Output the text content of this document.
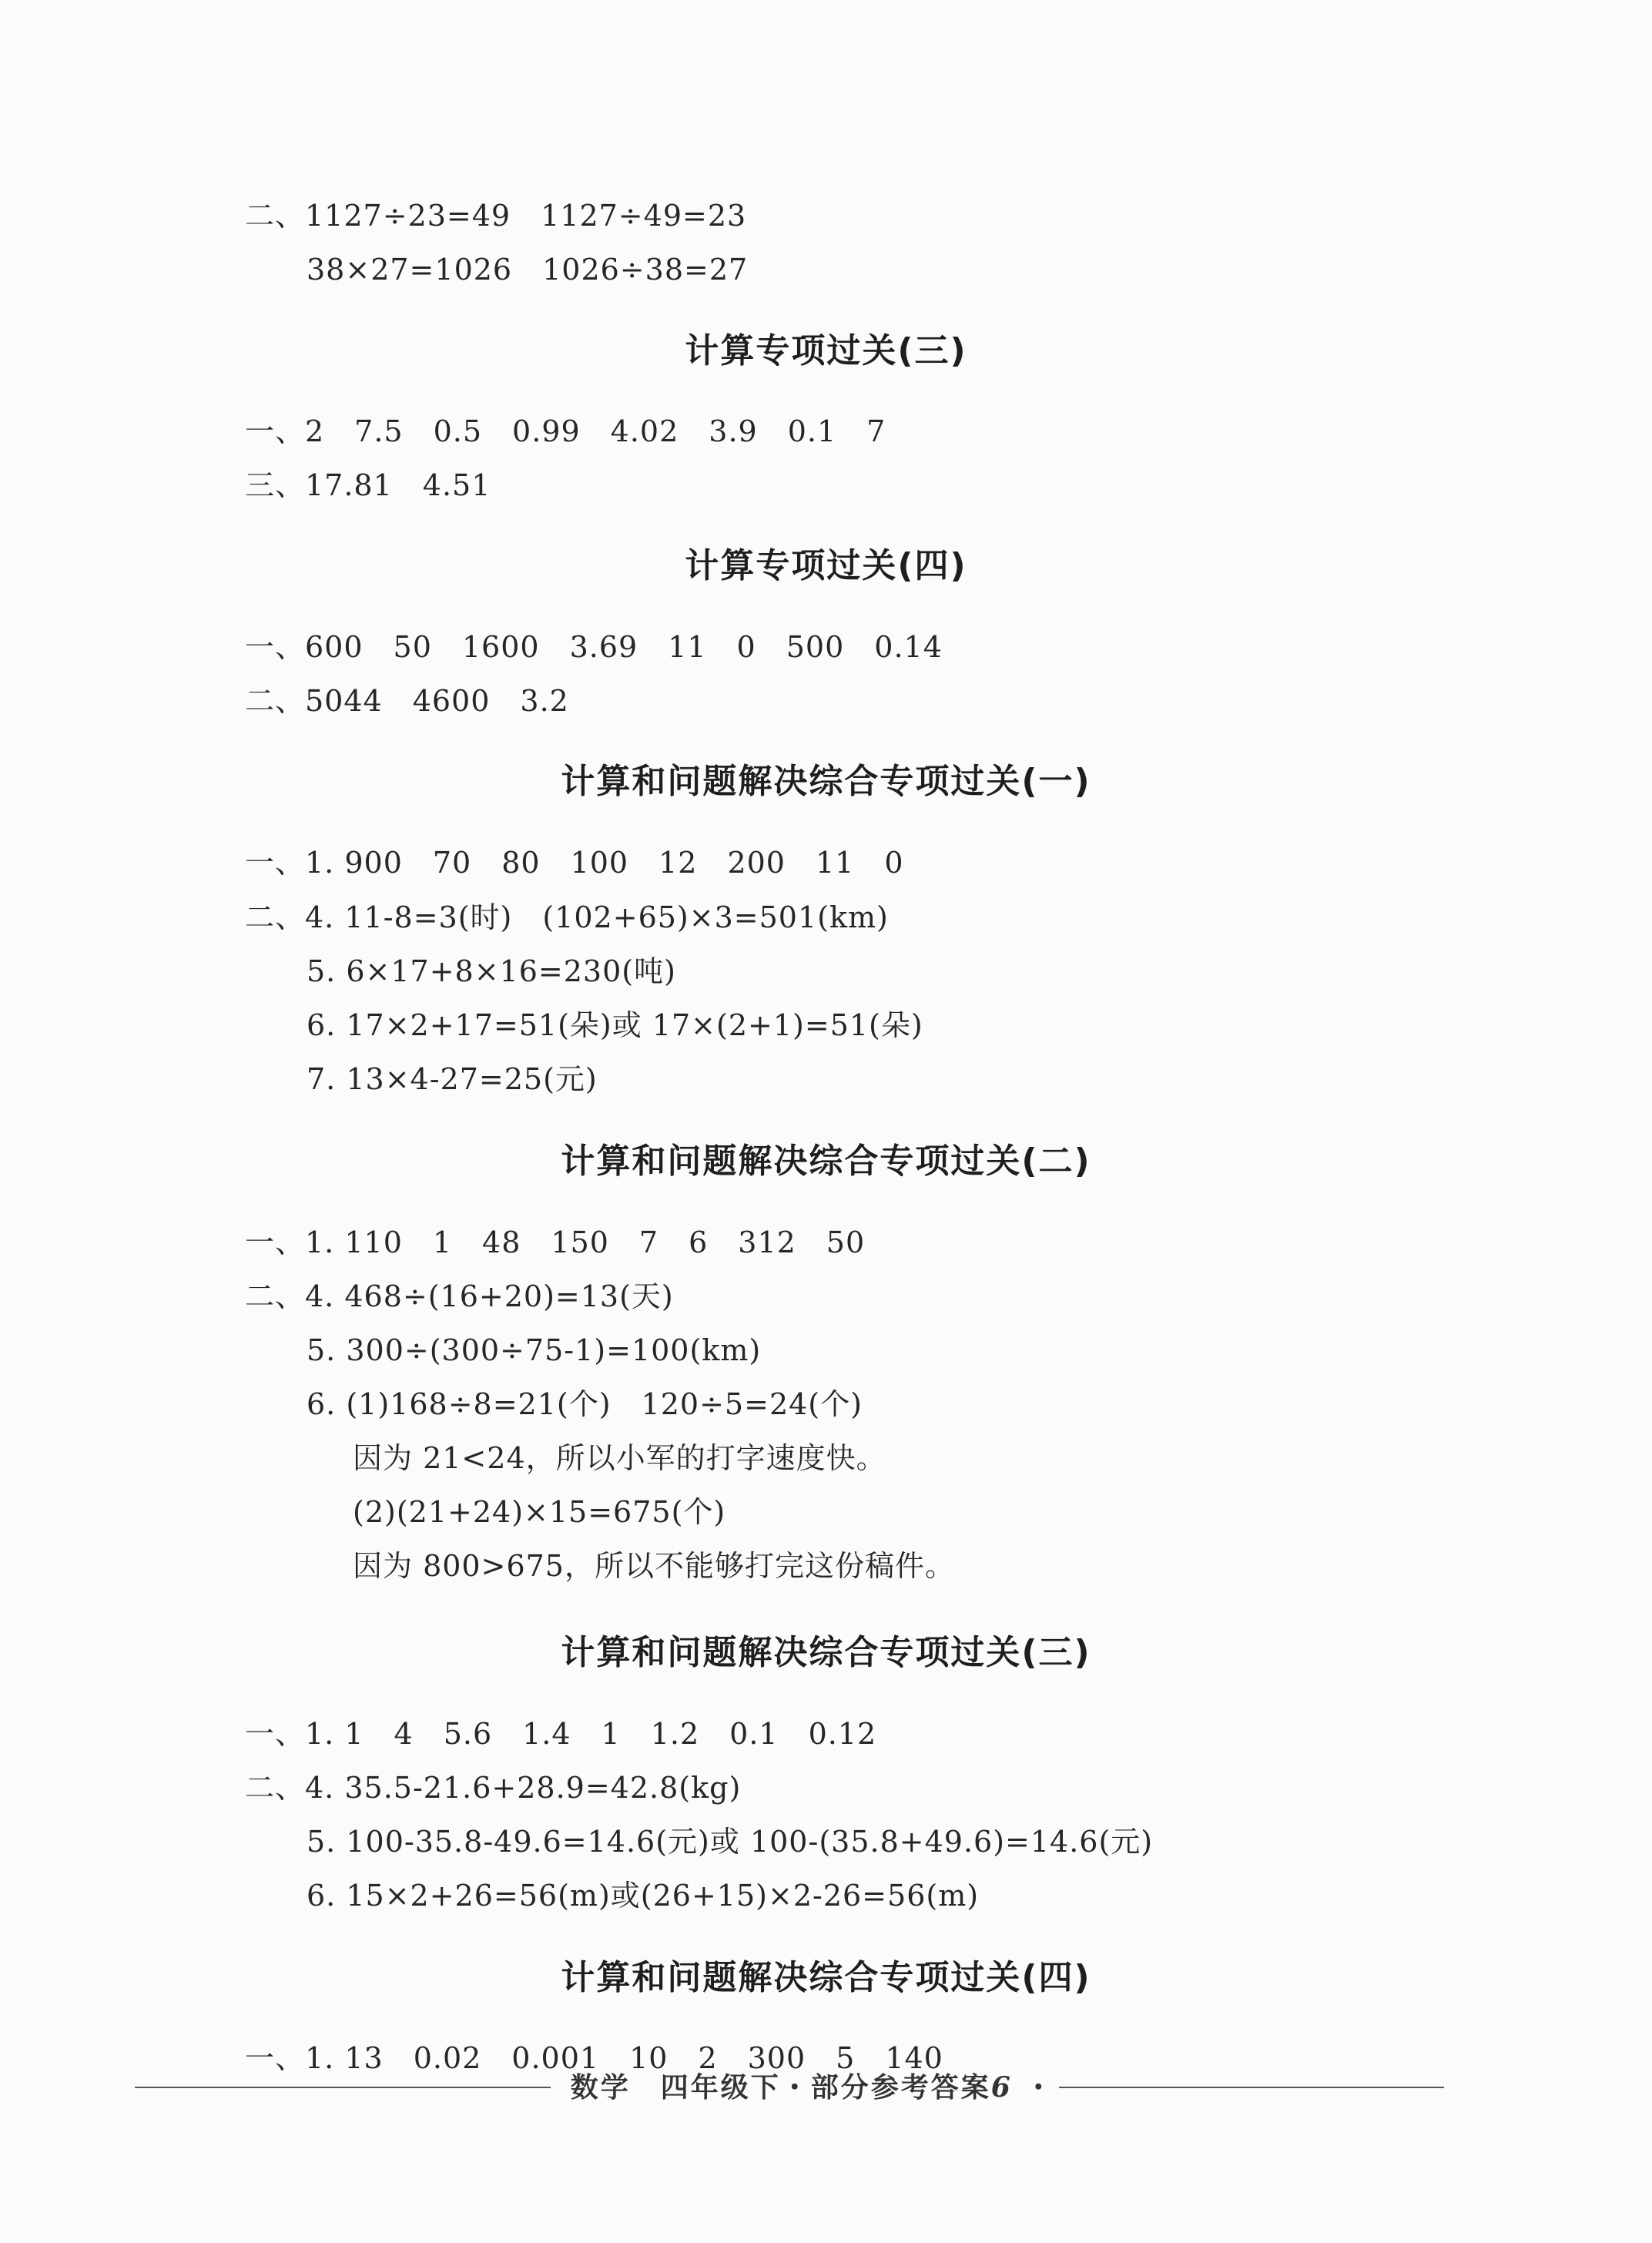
二、1127÷23=49　1127÷49=23
38×27=1026　1026÷38=27
计算专项过关(三)
一、2　7.5　0.5　0.99　4.02　3.9　0.1　7
三、17.81　4.51
计算专项过关(四)
一、600　50　1600　3.69　11　0　500　0.14
二、5044　4600　3.2
计算和问题解决综合专项过关(一)
一、1. 900　70　80　100　12　200　11　0
二、4. 11-8=3(时)　(102+65)×3=501(km)
5. 6×17+8×16=230(吨)
6. 17×2+17=51(朵)或 17×(2+1)=51(朵)
7. 13×4-27=25(元)
计算和问题解决综合专项过关(二)
一、1. 110　1　48　150　7　6　312　50
二、4. 468÷(16+20)=13(天)
5. 300÷(300÷75-1)=100(km)
6. (1)168÷8=21(个)　120÷5=24(个)
因为 21<24，所以小军的打字速度快。
(2)(21+24)×15=675(个)
因为 800>675，所以不能够打完这份稿件。
计算和问题解决综合专项过关(三)
一、1. 1　4　5.6　1.4　1　1.2　0.1　0.12
二、4. 35.5-21.6+28.9=42.8(kg)
5. 100-35.8-49.6=14.6(元)或 100-(35.8+49.6)=14.6(元)
6. 15×2+26=56(m)或(26+15)×2-26=56(m)
计算和问题解决综合专项过关(四)
数学　四年级下・部分参考答案6 ・
一、1. 13　0.02　0.001　10　2　300　5　140
